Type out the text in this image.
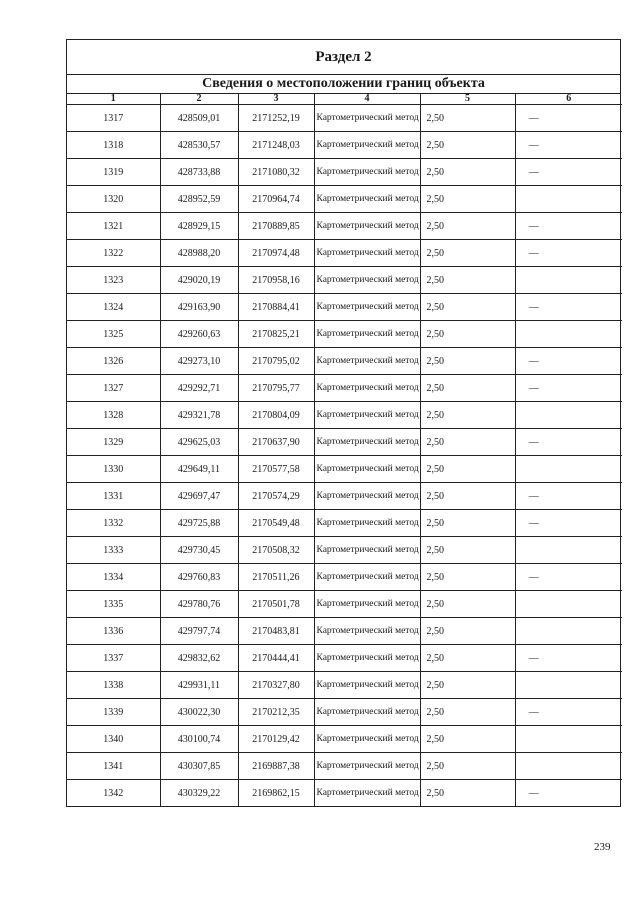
Раздел 2
Сведения о местоположении границ объекта
1	2	3	4	5	6
1317	428509,01	2171252,19	Картометрический метод	2,50	—
1318	428530,57	2171248,03	Картометрический метод	2,50	—
1319	428733,88	2171080,32	Картометрический метод	2,50	—
1320	428952,59	2170964,74	Картометрический метод	2,50	
1321	428929,15	2170889,85	Картометрический метод	2,50	—
1322	428988,20	2170974,48	Картометрический метод	2,50	—
1323	429020,19	2170958,16	Картометрический метод	2,50	
1324	429163,90	2170884,41	Картометрический метод	2,50	—
1325	429260,63	2170825,21	Картометрический метод	2,50	
1326	429273,10	2170795,02	Картометрический метод	2,50	—
1327	429292,71	2170795,77	Картометрический метод	2,50	—
1328	429321,78	2170804,09	Картометрический метод	2,50	
1329	429625,03	2170637,90	Картометрический метод	2,50	—
1330	429649,11	2170577,58	Картометрический метод	2,50	
1331	429697,47	2170574,29	Картометрический метод	2,50	—
1332	429725,88	2170549,48	Картометрический метод	2,50	—
1333	429730,45	2170508,32	Картометрический метод	2,50	
1334	429760,83	2170511,26	Картометрический метод	2,50	—
1335	429780,76	2170501,78	Картометрический метод	2,50	
1336	429797,74	2170483,81	Картометрический метод	2,50	
1337	429832,62	2170444,41	Картометрический метод	2,50	—
1338	429931,11	2170327,80	Картометрический метод	2,50	
1339	430022,30	2170212,35	Картометрический метод	2,50	—
1340	430100,74	2170129,42	Картометрический метод	2,50	
1341	430307,85	2169887,38	Картометрический метод	2,50	
1342	430329,22	2169862,15	Картометрический метод	2,50	—
239
